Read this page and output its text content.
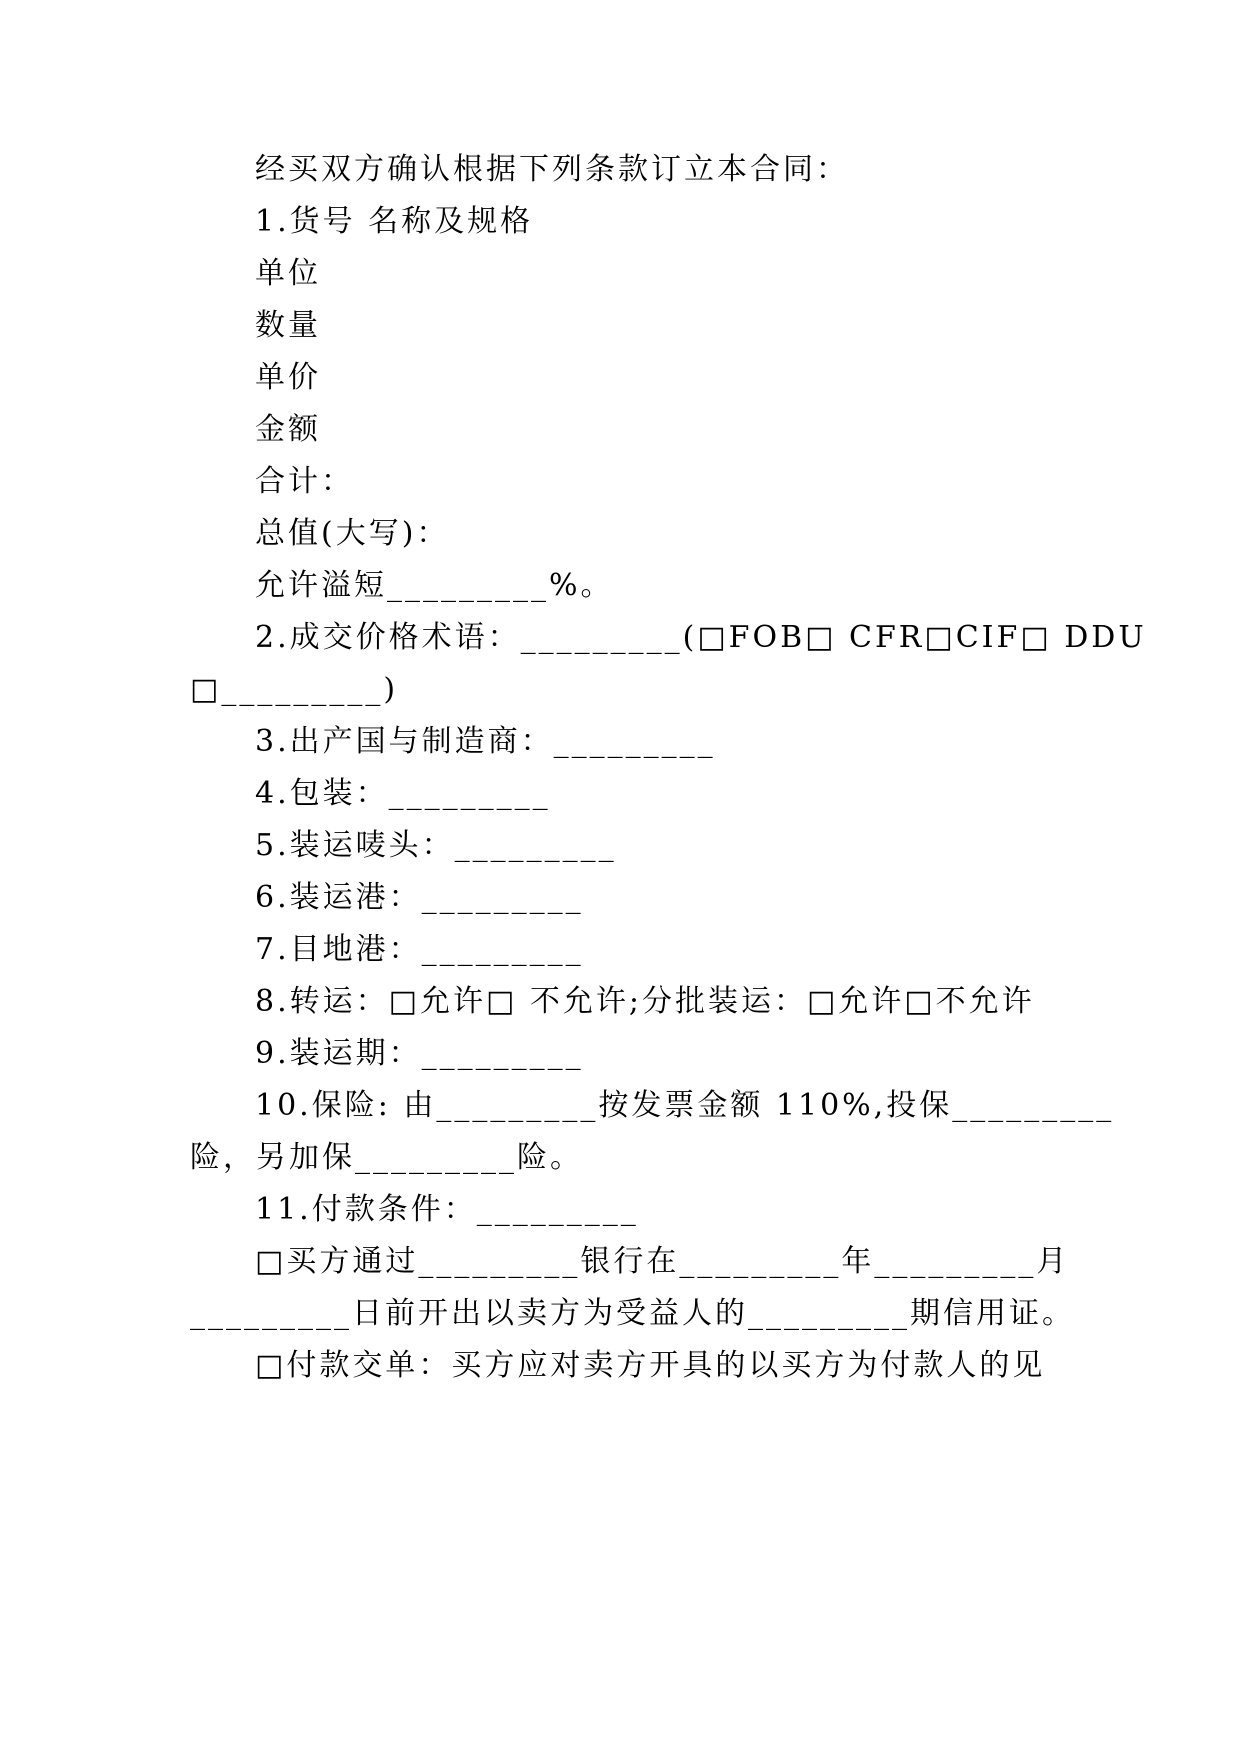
经买双方确认根据下列条款订立本合同：
1.货号 名称及规格
单位
数量
单价
金额
合计：
总值(大写)：
允许溢短_________%。
2.成交价格术语：_________(□FOB□ CFR□CIF□ DDU
□_________)
3.出产国与制造商：_________
4.包装：_________
5.装运唛头：_________
6.装运港：_________
7.目地港：_________
8.转运：□允许□ 不允许;分批装运：□允许□不允许
9.装运期：_________
10.保险: 由_________按发票金额 110%,投保_________
险，另加保_________险。
11.付款条件：_________
□买方通过_________银行在_________年_________月
_________日前开出以卖方为受益人的_________期信用证。
□付款交单：买方应对卖方开具的以买方为付款人的见
